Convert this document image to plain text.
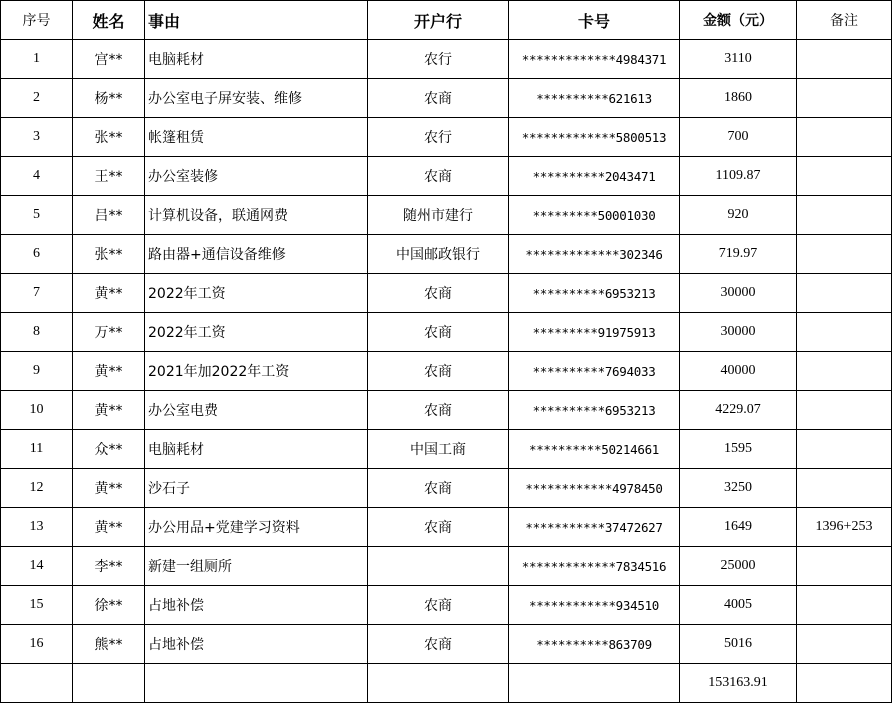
序号	姓名	事由	开户行	卡号	金额（元）	备注
1	宫**	电脑耗材	农行	*************4984371	3110	
2	杨**	办公室电子屏安装、维修	农商	**********621613	1860	
3	张**	帐篷租赁	农行	*************5800513	700	
4	王**	办公室装修	农商	**********2043471	1109.87	
5	吕**	计算机设备，联通网费	随州市建行	*********50001030	920	
6	张**	路由器+通信设备维修	中国邮政银行	*************302346	719.97	
7	黄**	2022年工资	农商	**********6953213	30000	
8	万**	2022年工资	农商	*********91975913	30000	
9	黄**	2021年加2022年工资	农商	**********7694033	40000	
10	黄**	办公室电费	农商	**********6953213	4229.07	
11	众**	电脑耗材	中国工商	**********50214661	1595	
12	黄**	沙石子	农商	************4978450	3250	
13	黄**	办公用品+党建学习资料	农商	***********37472627	1649	1396+253
14	李**	新建一组厕所		*************7834516	25000	
15	徐**	占地补偿	农商	************934510	4005	
16	熊**	占地补偿	农商	**********863709	5016	
					153163.91	
